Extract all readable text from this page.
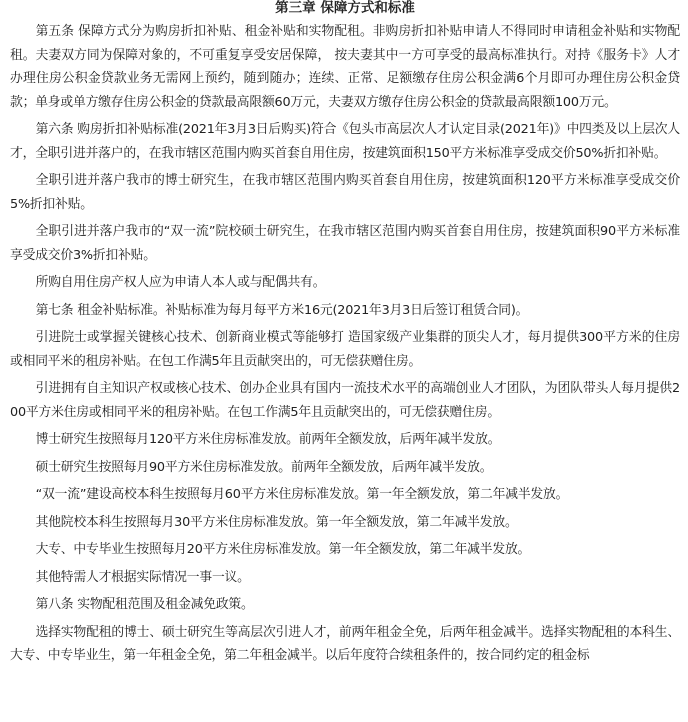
第三章 保障方式和标准

第五条 保障方式分为购房折扣补贴、租金补贴和实物配租。非购房折扣补贴申请人不得同时申请租金补贴和实物配租。夫妻双方同为保障对象的，不可重复享受安居保障， 按夫妻其中一方可享受的最高标准执行。对持《服务卡》人才办理住房公积金贷款业务无需网上预约，随到随办；连续、正常、足额缴存住房公积金满6个月即可办理住房公积金贷款；单身或单方缴存住房公积金的贷款最高限额60万元，夫妻双方缴存住房公积金的贷款最高限额100万元。

第六条 购房折扣补贴标准(2021年3月3日后购买)符合《包头市高层次人才认定目录(2021年)》中四类及以上层次人才，全职引进并落户的，在我市辖区范围内购买首套自用住房，按建筑面积150平方米标准享受成交价50%折扣补贴。

全职引进并落户我市的博士研究生，在我市辖区范围内购买首套自用住房，按建筑面积120平方米标准享受成交价5%折扣补贴。

全职引进并落户我市的“双一流”院校硕士研究生，在我市辖区范围内购买首套自用住房，按建筑面积90平方米标准享受成交价3%折扣补贴。

所购自用住房产权人应为申请人本人或与配偶共有。

第七条 租金补贴标准。补贴标准为每月每平方米16元(2021年3月3日后签订租赁合同)。

引进院士或掌握关键核心技术、创新商业模式等能够打 造国家级产业集群的顶尖人才，每月提供300平方米的住房或相同平米的租房补贴。在包工作满5年且贡献突出的，可无偿获赠住房。

引进拥有自主知识产权或核心技术、创办企业具有国内一流技术水平的高端创业人才团队，为团队带头人每月提供200平方米住房或相同平米的租房补贴。在包工作满5年且贡献突出的，可无偿获赠住房。

博士研究生按照每月120平方米住房标准发放。前两年全额发放，后两年减半发放。

硕士研究生按照每月90平方米住房标准发放。前两年全额发放，后两年减半发放。

“双一流”建设高校本科生按照每月60平方米住房标准发放。第一年全额发放，第二年减半发放。

其他院校本科生按照每月30平方米住房标准发放。第一年全额发放，第二年减半发放。

大专、中专毕业生按照每月20平方米住房标准发放。第一年全额发放，第二年减半发放。

其他特需人才根据实际情况一事一议。

第八条 实物配租范围及租金减免政策。

选择实物配租的博士、硕士研究生等高层次引进人才，前两年租金全免，后两年租金减半。选择实物配租的本科生、大专、中专毕业生，第一年租金全免，第二年租金减半。以后年度符合续租条件的，按合同约定的租金标
